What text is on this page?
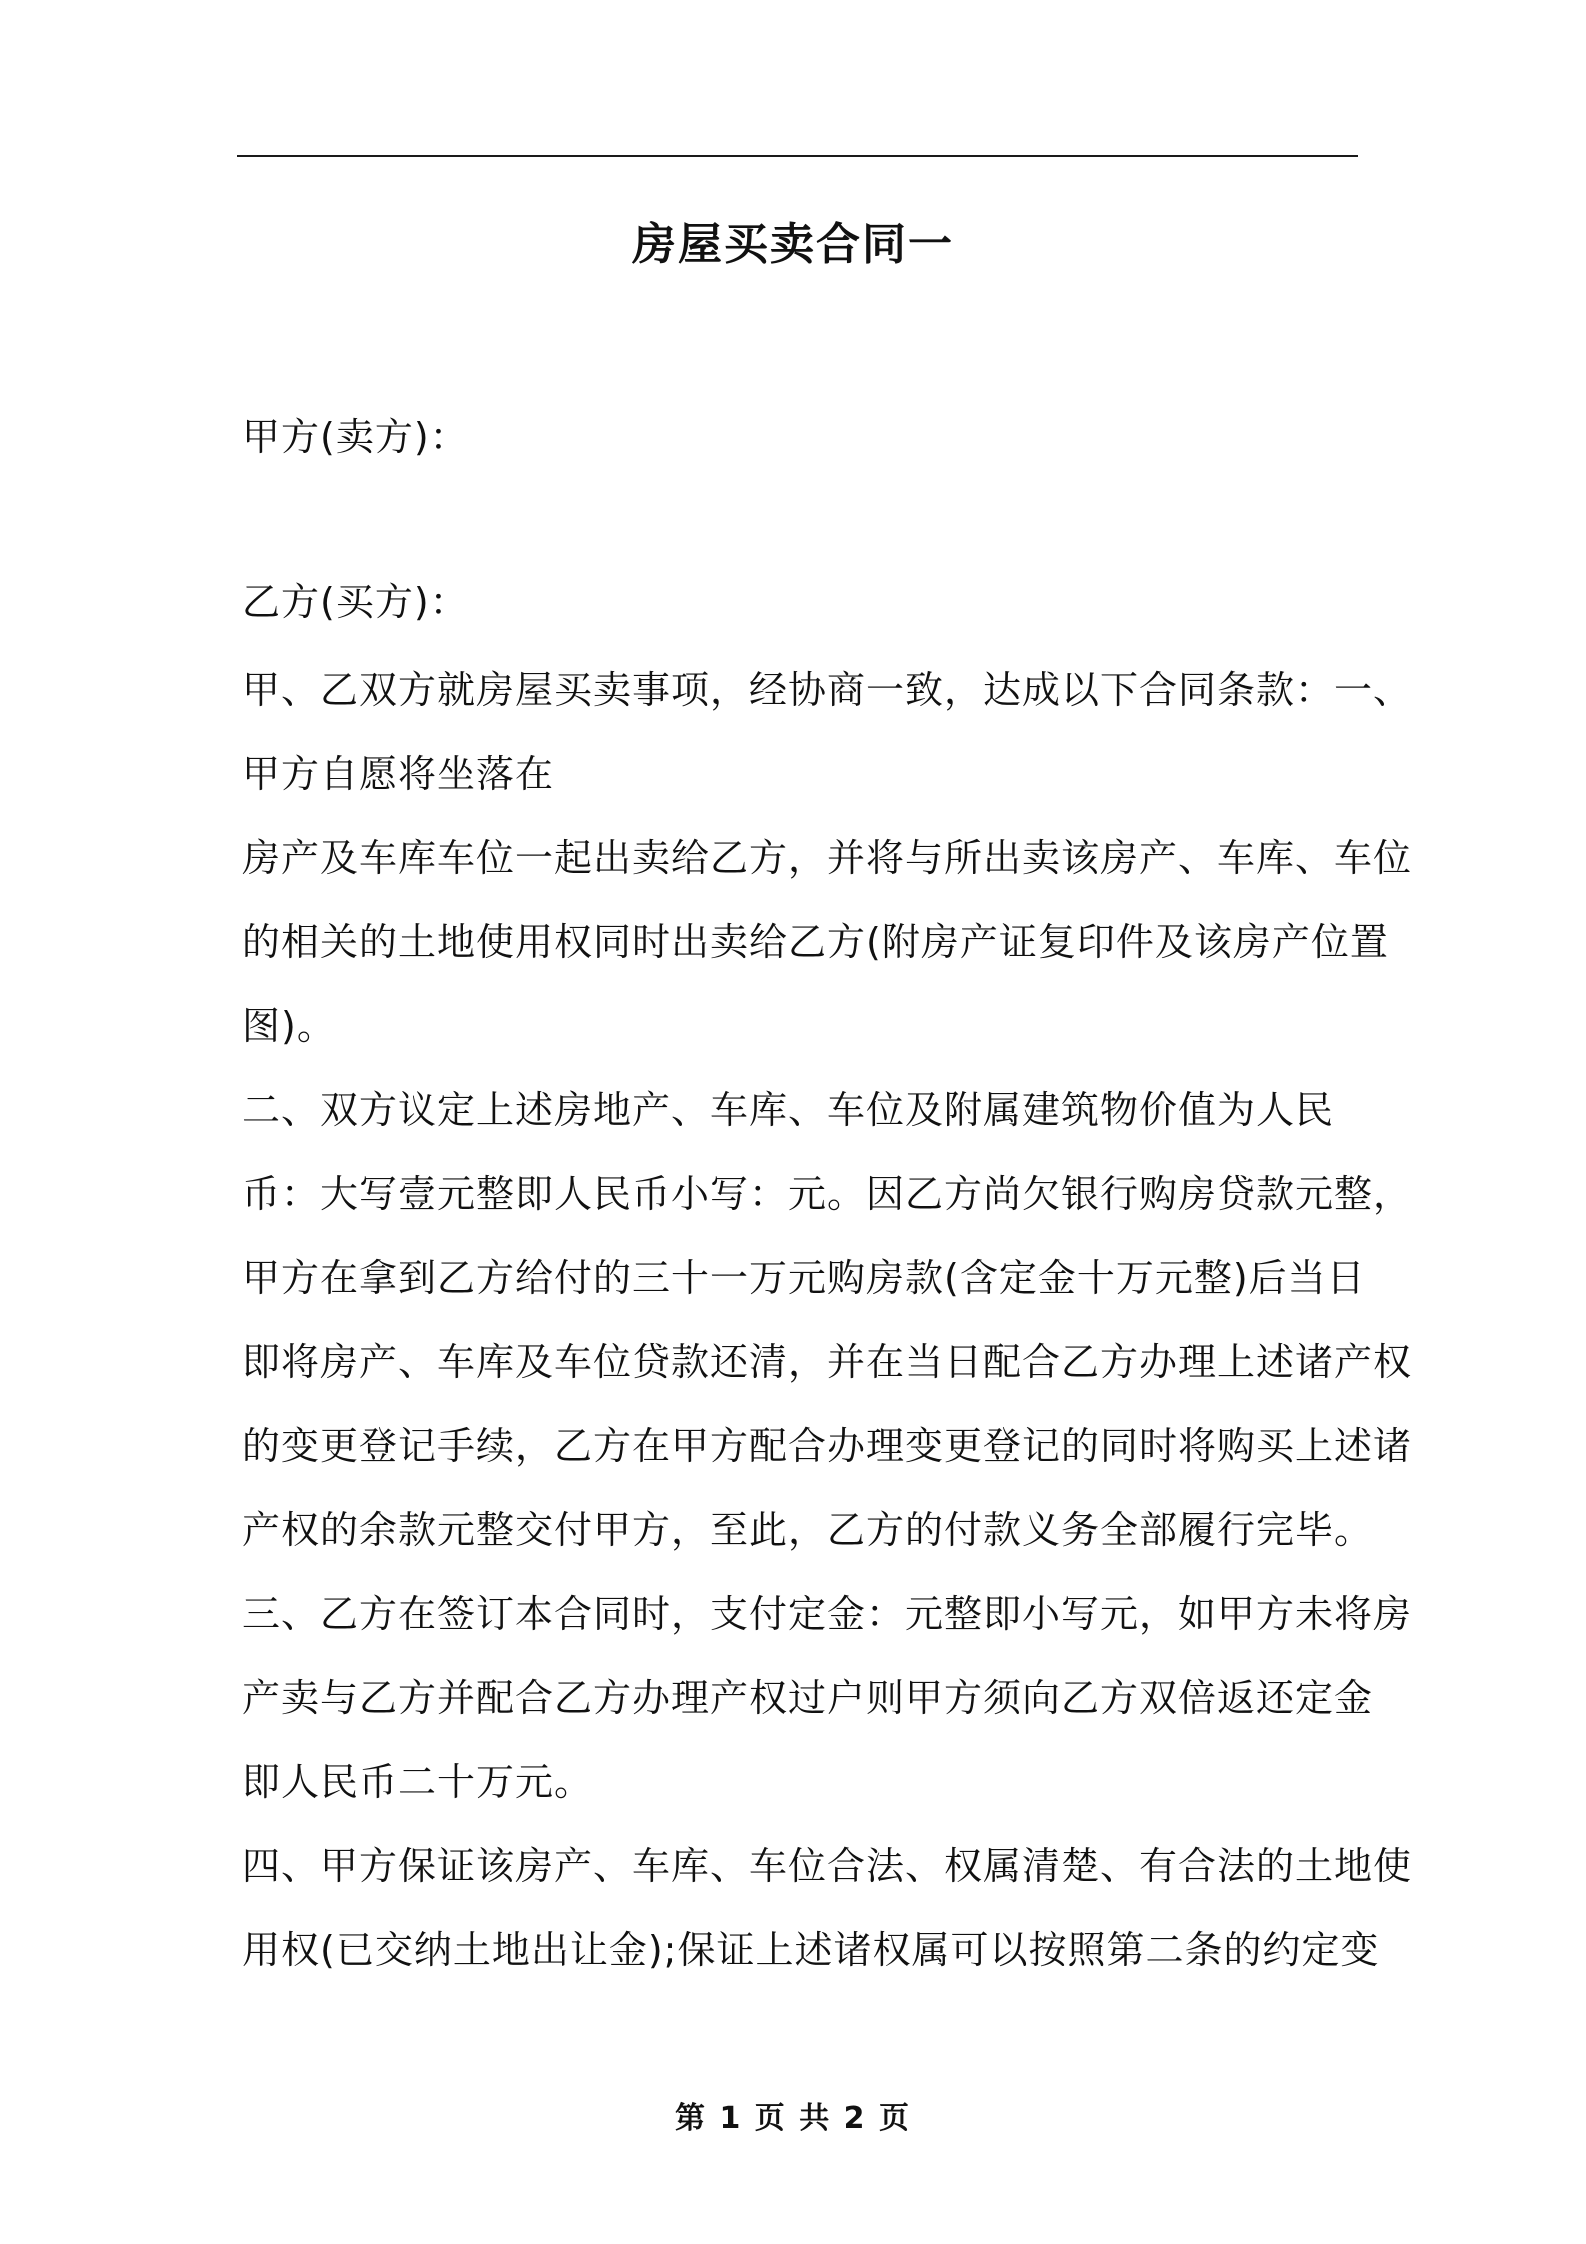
房屋买卖合同一
甲方(卖方)：
乙方(买方)：
甲、乙双方就房屋买卖事项，经协商一致，达成以下合同条款：一、
甲方自愿将坐落在
房产及车库车位一起出卖给乙方，并将与所出卖该房产、车库、车位
的相关的土地使用权同时出卖给乙方(附房产证复印件及该房产位置
图)。
二、双方议定上述房地产、车库、车位及附属建筑物价值为人民
币：大写壹元整即人民币小写：元。因乙方尚欠银行购房贷款元整，
甲方在拿到乙方给付的三十一万元购房款(含定金十万元整)后当日
即将房产、车库及车位贷款还清，并在当日配合乙方办理上述诸产权
的变更登记手续，乙方在甲方配合办理变更登记的同时将购买上述诸
产权的余款元整交付甲方，至此，乙方的付款义务全部履行完毕。
三、乙方在签订本合同时，支付定金：元整即小写元，如甲方未将房
产卖与乙方并配合乙方办理产权过户则甲方须向乙方双倍返还定金
即人民币二十万元。
四、甲方保证该房产、车库、车位合法、权属清楚、有合法的土地使
用权(已交纳土地出让金);保证上述诸权属可以按照第二条的约定变
第 1 页 共 2 页
